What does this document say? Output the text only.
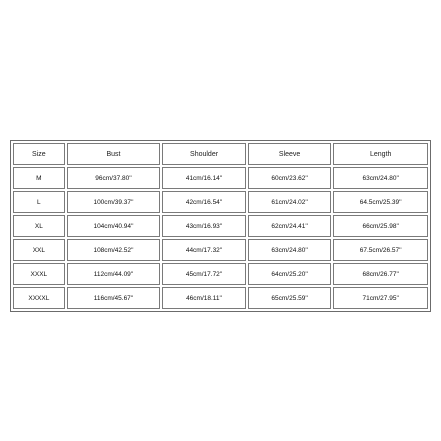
Size	Bust	Shoulder	Sleeve	Length
M	96cm/37.80''	41cm/16.14''	60cm/23.62''	63cm/24.80''
L	100cm/39.37''	42cm/16.54''	61cm/24.02''	64.5cm/25.39''
XL	104cm/40.94''	43cm/16.93''	62cm/24.41''	66cm/25.98''
XXL	108cm/42.52''	44cm/17.32''	63cm/24.80''	67.5cm/26.57''
XXXL	112cm/44.09''	45cm/17.72''	64cm/25.20''	68cm/26.77''
XXXXL	116cm/45.67''	46cm/18.11''	65cm/25.59''	71cm/27.95''
